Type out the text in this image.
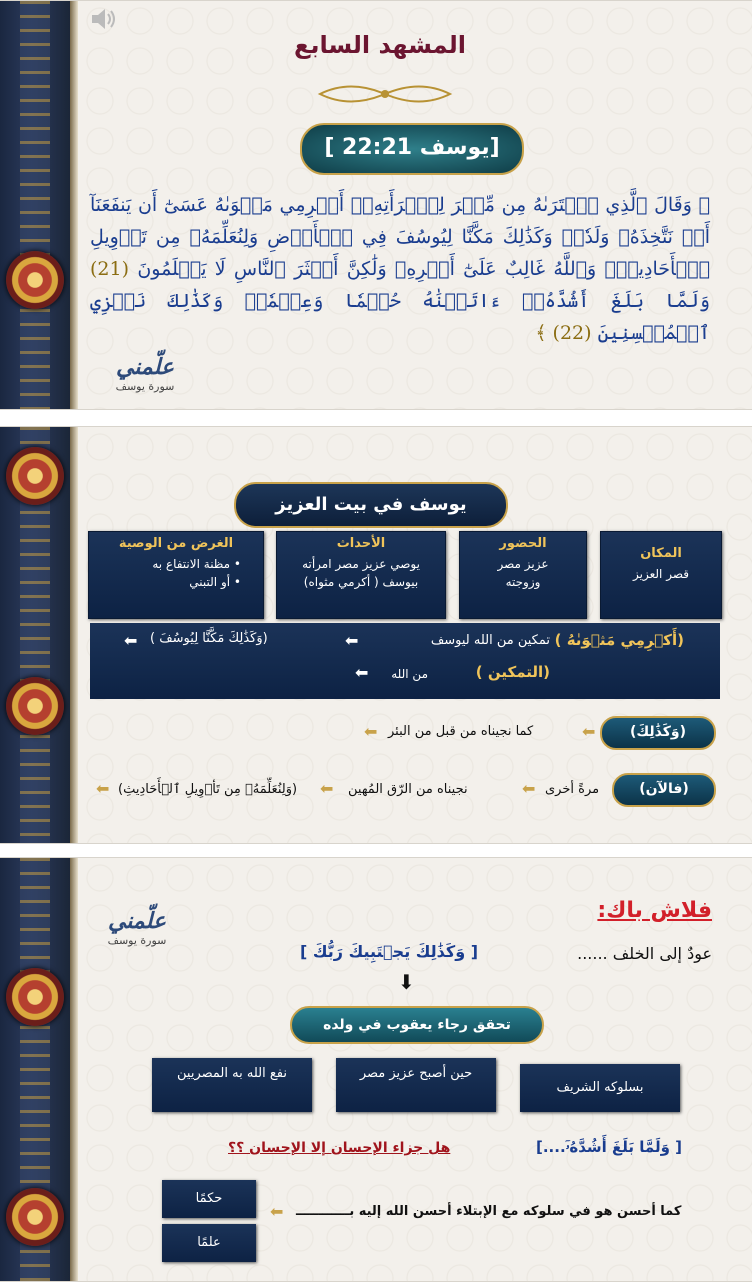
المشهد السابع
[يوسف 22:21 ]
﴿ وَقَالَ ٱلَّذِي ٱشۡتَرَىٰهُ مِن مِّصۡرَ لِٱمۡرَأَتِهِۦٓ أَكۡرِمِي مَثۡوَىٰهُ عَسَىٰٓ أَن يَنفَعَنَآ أَوۡ نَتَّخِذَهُۥ وَلَدٗاۚ وَكَذَٰلِكَ مَكَّنَّا لِيُوسُفَ فِي ٱلۡأَرۡضِ وَلِنُعَلِّمَهُۥ مِن تَأۡوِيلِ ٱلۡأَحَادِيثِۚ وَٱللَّهُ غَالِبٌ عَلَىٰٓ أَمۡرِهِۦ وَلَٰكِنَّ أَكۡثَرَ ٱلنَّاسِ لَا يَعۡلَمُونَ (21) وَلَمَّا بَلَغَ أَشُدَّهُۥٓ ءَاتَيۡنَٰهُ حُكۡمٗا وَعِلۡمٗاۚ وَكَذَٰلِكَ نَجۡزِي ٱلۡمُحۡسِنِينَ (22) ﴾
علّمني
سورة يوسف
يوسف في بيت العزيز
المكان
قصر العزيز
الحضور
عزيز مصر وزوجته
الأحداث
يوصي عزيز مصر امرأته بيوسف ( أكرمي مثواه)
الغرض من الوصية
• مظنة الانتفاع به
• أو التبني
(أَكۡرِمِي مَثۡوَىٰهُ )
تمكين من الله ليوسف
⬅
(وَكَذَٰلِكَ مَكَّنَّا لِيُوسُفَ )
⬅
(التمكين )
من الله
⬅
(وَكَذَٰلِكَ)
⬅
كما نجيناه من قبل من البئر
⬅
(فالآن)
مرةً أخرى
⬅
نجيناه من الرّق المُهين
⬅
(وَلِنُعَلِّمَهُۥ مِن تَأۡوِيلِ ٱلۡأَحَادِيثِ)
⬅
علّمني
سورة يوسف
فلاش باك:
عودٌ إلى الخلف ......
[ وَكَذَٰلِكَ يَجۡتَبِيكَ رَبُّكَ ]
⬇
تحقق رجاء يعقوب في ولده
بسلوكه الشريف
حين أصبح عزيز مصر
نفع الله به المصريين
[ وَلَمَّا بَلَغَ أَشُدَّهُۥٓ....]
هل جزاء الإحسان إلا الإحسان ؟؟
كما أحسن هو في سلوكه مع الإبتلاء أحسن الله إليه بــــــــــــ
⬅
حكمًا
علمًا
